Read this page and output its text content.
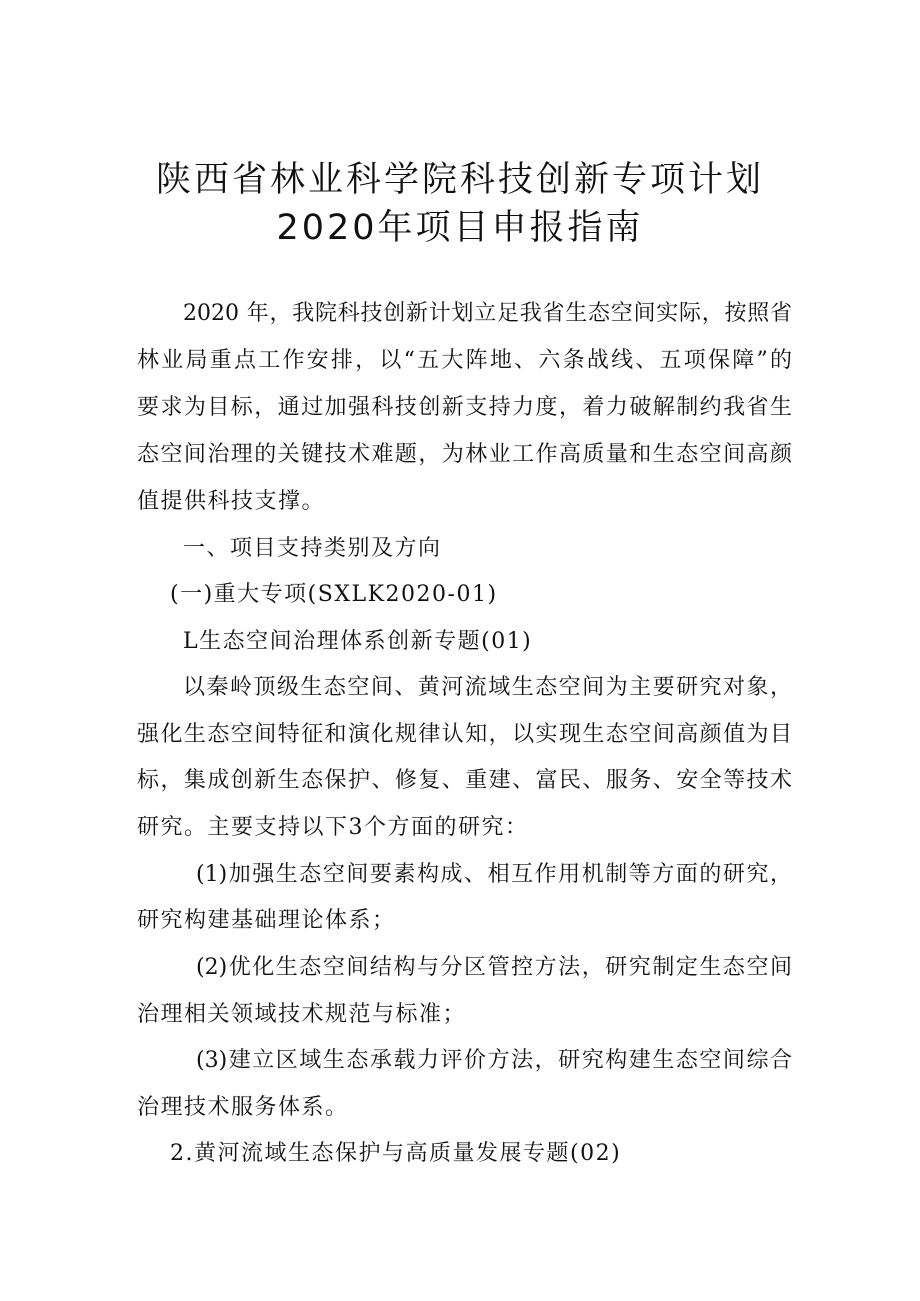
陕西省林业科学院科技创新专项计划
2020年项目申报指南
2020 年，我院科技创新计划立足我省生态空间实际，按照省
林业局重点工作安排，以“五大阵地、六条战线、五项保障”的
要求为目标，通过加强科技创新支持力度，着力破解制约我省生
态空间治理的关键技术难题，为林业工作高质量和生态空间高颜
值提供科技支撑。
一、项目支持类别及方向
(一)重大专项(SXLK2020-01)
L生态空间治理体系创新专题(01)
以秦岭顶级生态空间、黄河流域生态空间为主要研究对象，
强化生态空间特征和演化规律认知，以实现生态空间高颜值为目
标，集成创新生态保护、修复、重建、富民、服务、安全等技术
研究。主要支持以下3个方面的研究：
(1)加强生态空间要素构成、相互作用机制等方面的研究，
研究构建基础理论体系；
(2)优化生态空间结构与分区管控方法，研究制定生态空间
治理相关领域技术规范与标准；
(3)建立区域生态承载力评价方法，研究构建生态空间综合
治理技术服务体系。
2.黄河流域生态保护与高质量发展专题(02)
